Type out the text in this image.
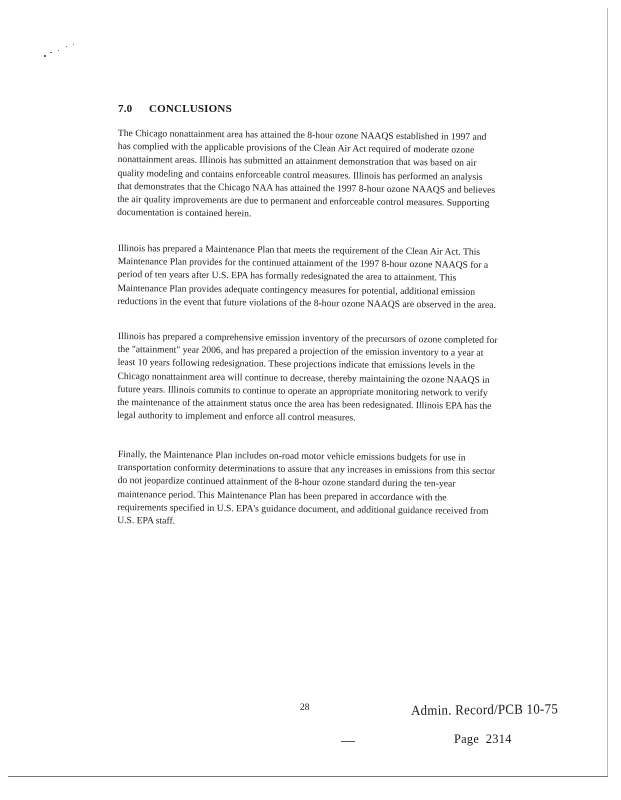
7.0 CONCLUSIONS

The Chicago nonattainment area has attained the 8-hour ozone NAAQS established in 1997 and has complied with the applicable provisions of the Clean Air Act required of moderate ozone nonattainment areas. Illinois has submitted an attainment demonstration that was based on air quality modeling and contains enforceable control measures. Illinois has performed an analysis that demonstrates that the Chicago NAA has attained the 1997 8-hour ozone NAAQS and believes the air quality improvements are due to permanent and enforceable control measures. Supporting documentation is contained herein.

Illinois has prepared a Maintenance Plan that meets the requirement of the Clean Air Act. This Maintenance Plan provides for the continued attainment of the 1997 8-hour ozone NAAQS for a period of ten years after U.S. EPA has formally redesignated the area to attainment. This Maintenance Plan provides adequate contingency measures for potential, additional emission reductions in the event that future violations of the 8-hour ozone NAAQS are observed in the area.

Illinois has prepared a comprehensive emission inventory of the precursors of ozone completed for the "attainment" year 2006, and has prepared a projection of the emission inventory to a year at least 10 years following redesignation. These projections indicate that emissions levels in the Chicago nonattainment area will continue to decrease, thereby maintaining the ozone NAAQS in future years. Illinois commits to continue to operate an appropriate monitoring network to verify the maintenance of the attainment status once the area has been redesignated. Illinois EPA has the legal authority to implement and enforce all control measures.

Finally, the Maintenance Plan includes on-road motor vehicle emissions budgets for use in transportation conformity determinations to assure that any increases in emissions from this sector do not jeopardize continued attainment of the 8-hour ozone standard during the ten-year maintenance period. This Maintenance Plan has been prepared in accordance with the requirements specified in U.S. EPA's guidance document, and additional guidance received from U.S. EPA staff.

28	Admin. Record/PCB 10-75
Page 2314
